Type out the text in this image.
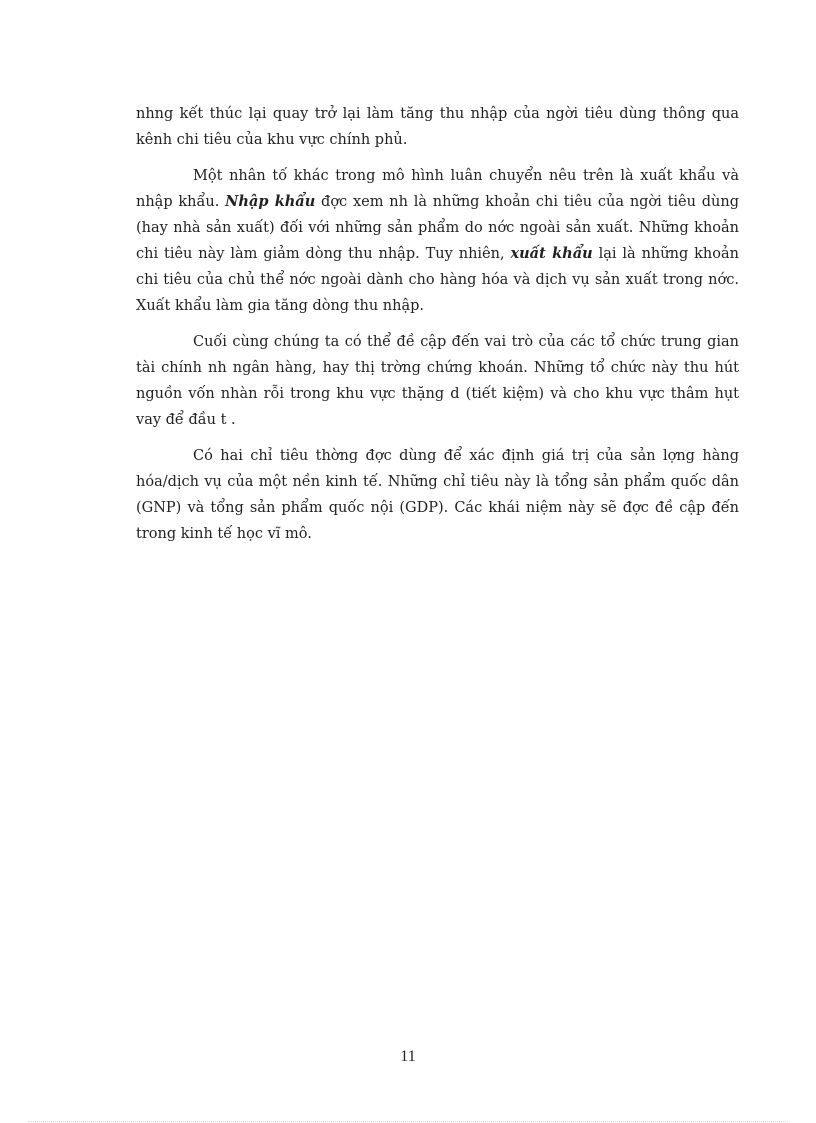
nhng kết thúc lại quay trở lại làm tăng thu nhập của ngời tiêu dùng thông qua kênh chi tiêu của khu vực chính phủ.

Một nhân tố khác trong mô hình luân chuyển nêu trên là xuất khẩu và nhập khẩu. Nhập khẩu đợc xem nh là những khoản chi tiêu của ngời tiêu dùng (hay nhà sản xuất) đối với những sản phẩm do nớc ngoài sản xuất. Những khoản chi tiêu này làm giảm dòng thu nhập. Tuy nhiên, xuất khẩu lại là những khoản chi tiêu của chủ thể nớc ngoài dành cho hàng hóa và dịch vụ sản xuất trong nớc. Xuất khẩu làm gia tăng dòng thu nhập.

Cuối cùng chúng ta có thể đề cập đến vai trò của các tổ chức trung gian tài chính nh ngân hàng, hay thị trờng chứng khoán. Những tổ chức này thu hút nguồn vốn nhàn rỗi trong khu vực thặng d (tiết kiệm) và cho khu vực thâm hụt vay để đầu t .

Có hai chỉ tiêu thờng đợc dùng để xác định giá trị của sản lợng hàng hóa/dịch vụ của một nền kinh tế. Những chỉ tiêu này là tổng sản phẩm quốc dân (GNP) và tổng sản phẩm quốc nội (GDP). Các khái niệm này sẽ đợc đề cập đến trong kinh tế học vĩ mô.

11
